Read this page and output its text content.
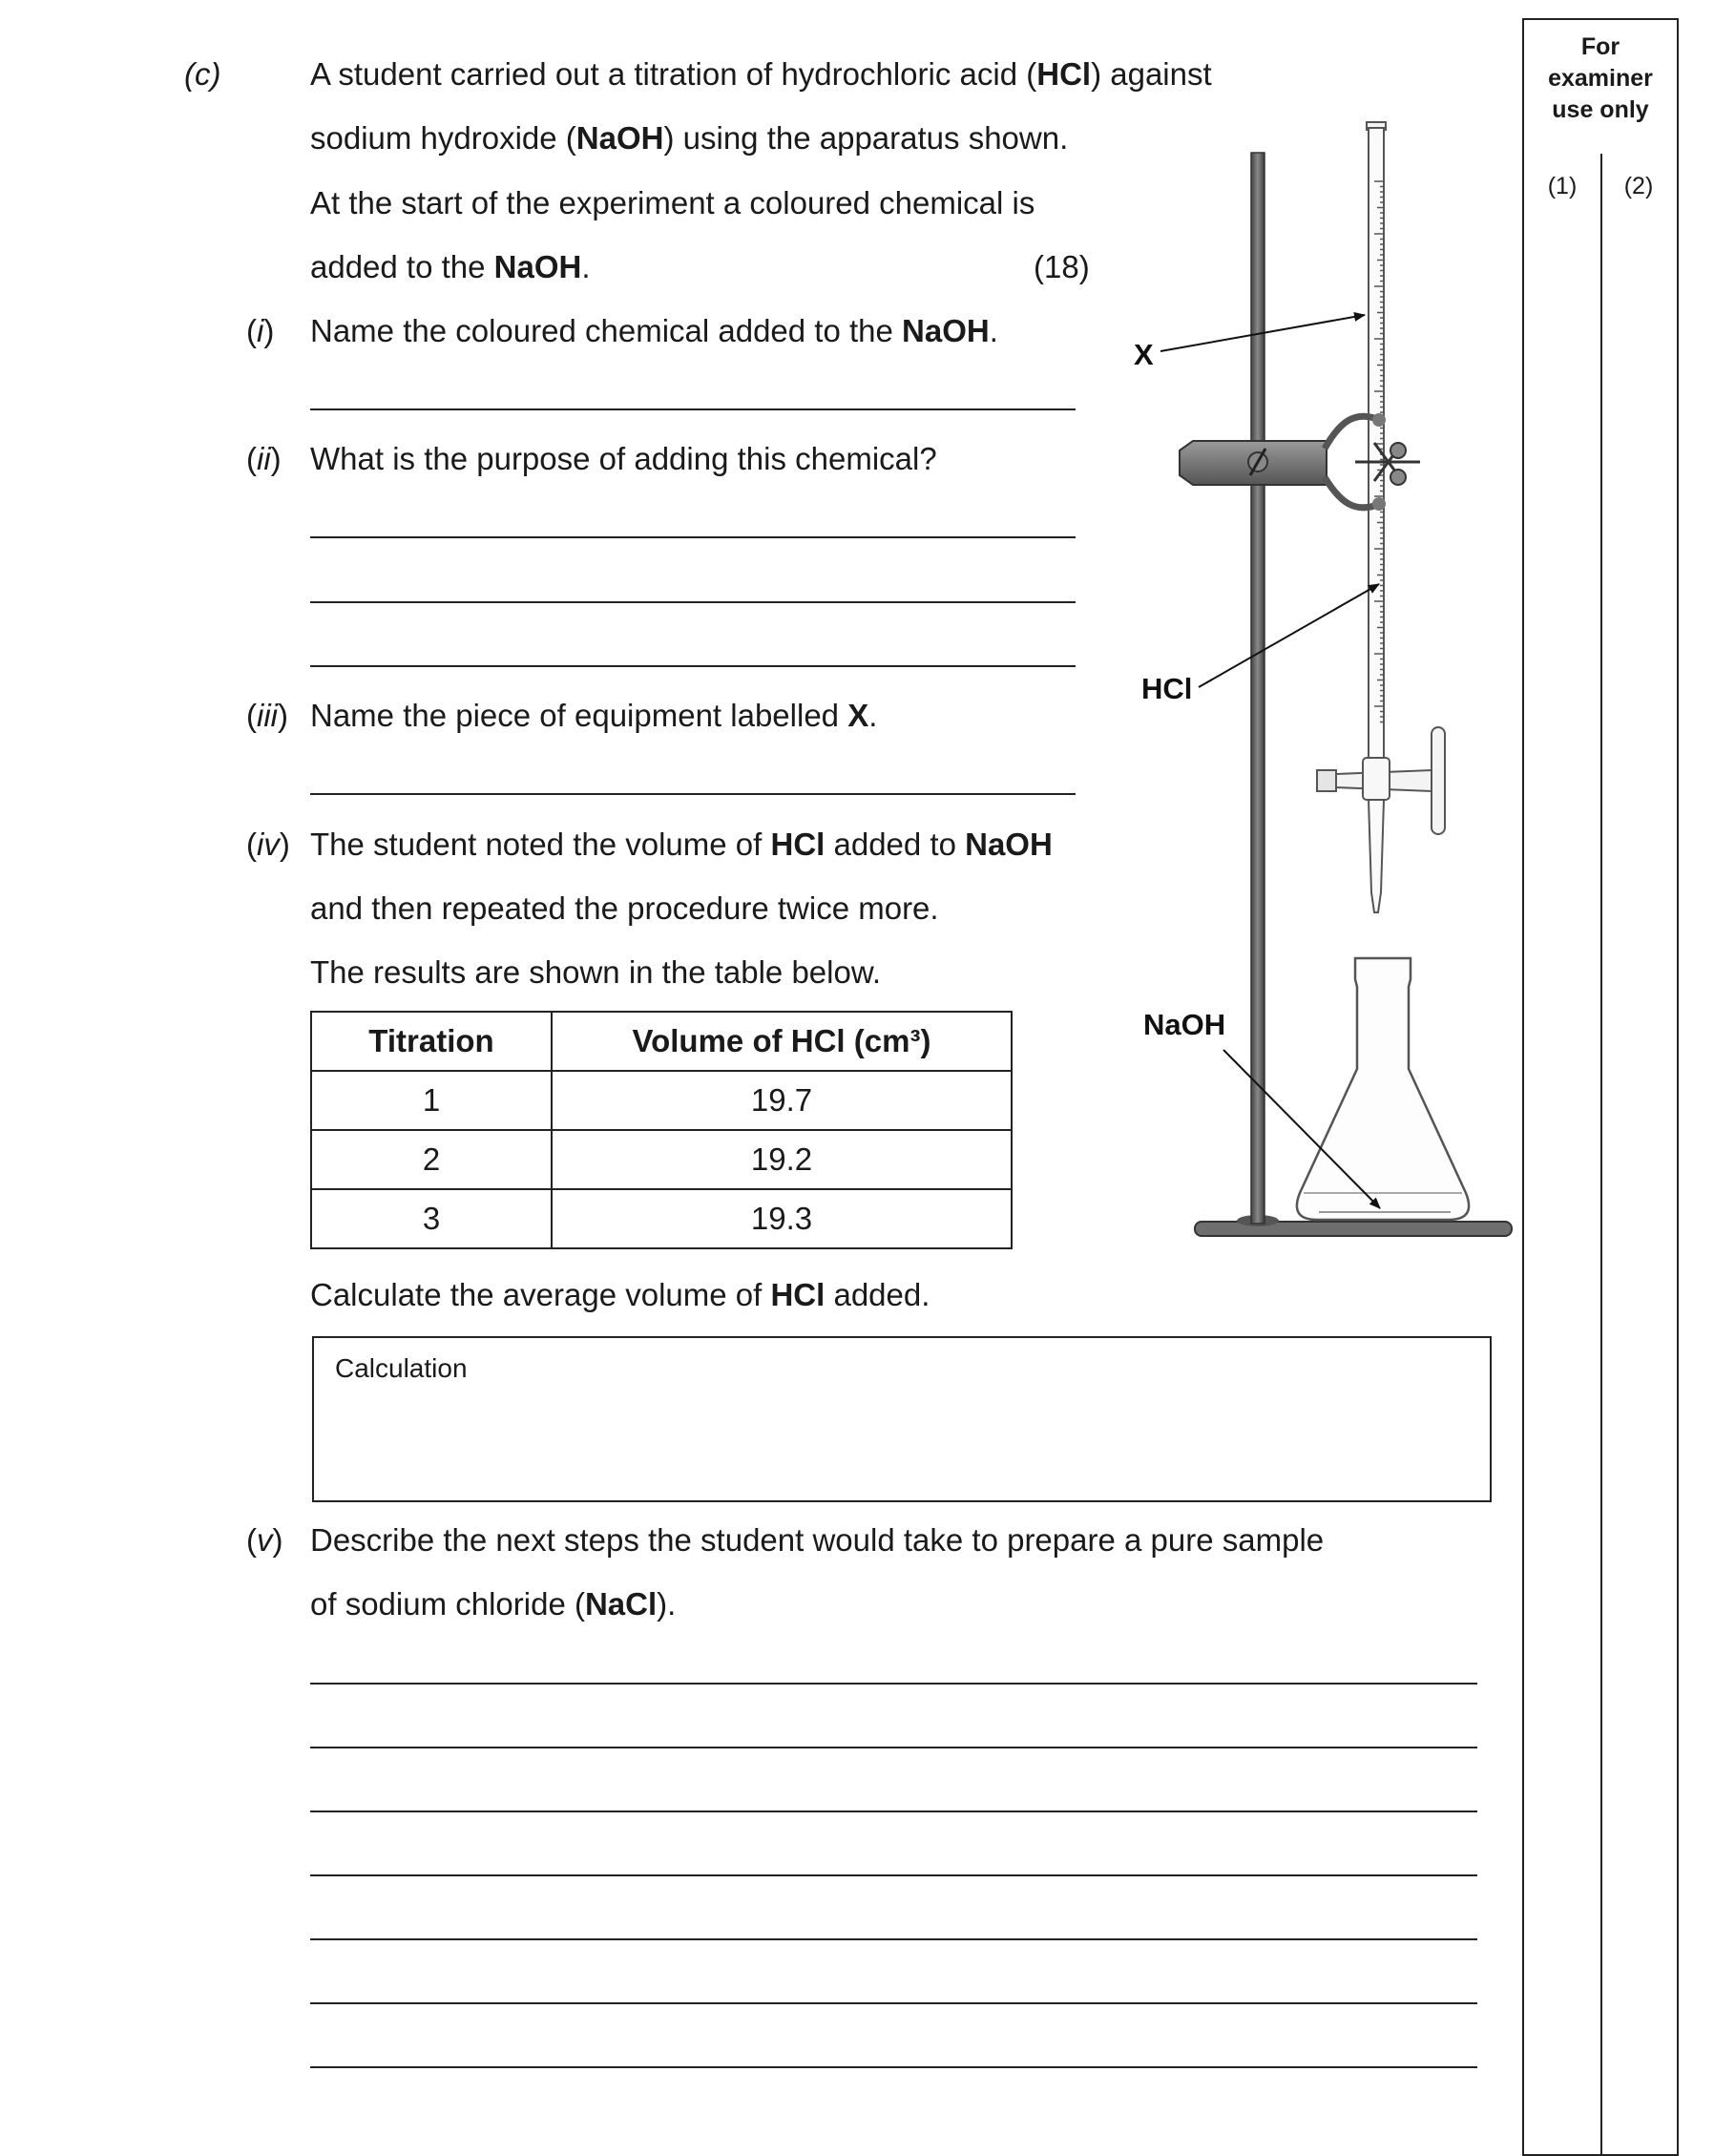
(c)	A student carried out a titration of hydrochloric acid (HCl) against
sodium hydroxide (NaOH) using the apparatus shown.
At the start of the experiment a coloured chemical is
added to the NaOH.	(18)
(i) Name the coloured chemical added to the NaOH.
(ii) What is the purpose of adding this chemical?
(iii) Name the piece of equipment labelled X.
(iv) The student noted the volume of HCl added to NaOH
and then repeated the procedure twice more.
The results are shown in the table below.
Titration	Volume of HCl (cm³)
1	19.7
2	19.2
3	19.3
Calculate the average volume of HCl added.
Calculation
(v) Describe the next steps the student would take to prepare a pure sample
of sodium chloride (NaCl).
X
HCl
NaOH
For
examiner
use only
(1)	(2)
